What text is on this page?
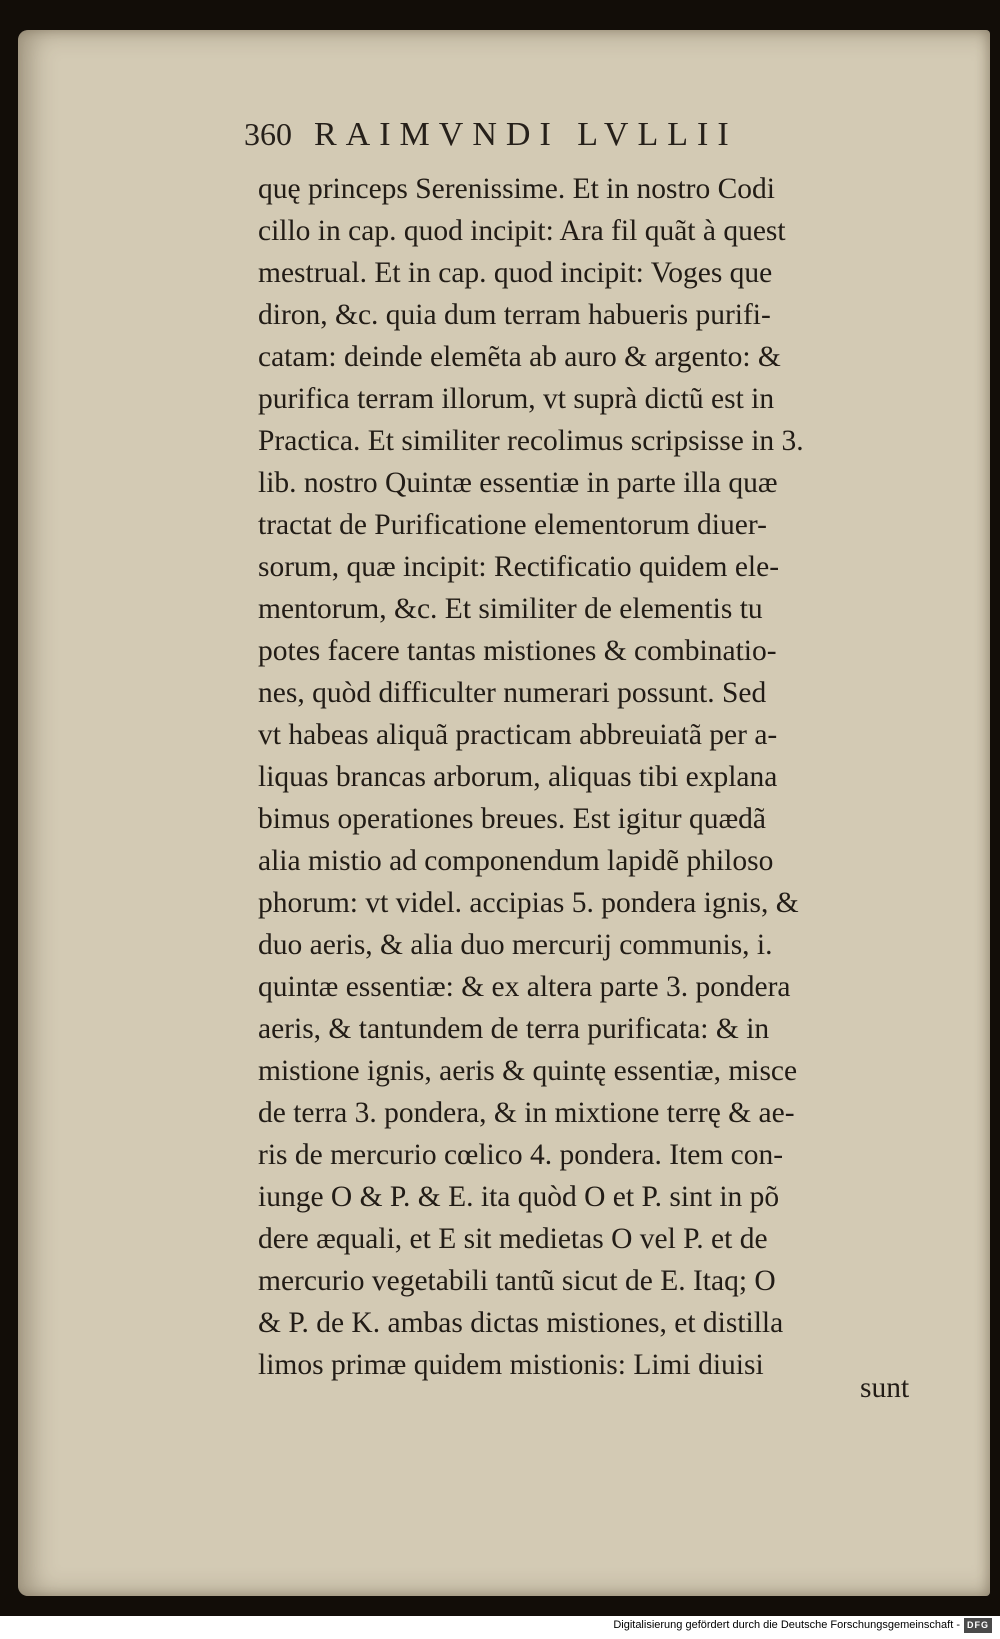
360 RAIMVNDI LVLLII
quę princeps Serenissime. Et in nostro Codi
cillo in cap. quod incipit: Ara fil quãt à quest
mestrual. Et in cap. quod incipit: Voges que
diron, &c. quia dum terram habueris purifi-
catam: deinde elemẽta ab auro & argento: &
purifica terram illorum, vt suprà dictũ est in
Practica. Et similiter recolimus scripsisse in 3.
lib. nostro Quintæ essentiæ in parte illa quæ
tractat de Purificatione elementorum diuer-
sorum, quæ incipit: Rectificatio quidem ele-
mentorum, &c. Et similiter de elementis tu
potes facere tantas mistiones & combinatio-
nes, quòd difficulter numerari possunt. Sed
vt habeas aliquã practicam abbreuiatã per a-
liquas brancas arborum, aliquas tibi explana
bimus operationes breues. Est igitur quædã
alia mistio ad componendum lapidẽ philoso
phorum: vt videl. accipias 5. pondera ignis, &
duo aeris, & alia duo mercurij communis, i.
quintæ essentiæ: & ex altera parte 3. pondera
aeris, & tantundem de terra purificata: & in
mistione ignis, aeris & quintę essentiæ, misce
de terra 3. pondera, & in mixtione terrę & ae-
ris de mercurio cœlico 4. pondera. Item con-
iunge O & P. & E. ita quòd O et P. sint in põ
dere æquali, et E sit medietas O vel P. et de
mercurio vegetabili tantũ sicut de E. Itaq; O
& P. de K. ambas dictas mistiones, et distilla
limos primæ quidem mistionis: Limi diuisi

sunt

Digitalisierung gefördert durch die Deutsche Forschungsgemeinschaft - DFG
